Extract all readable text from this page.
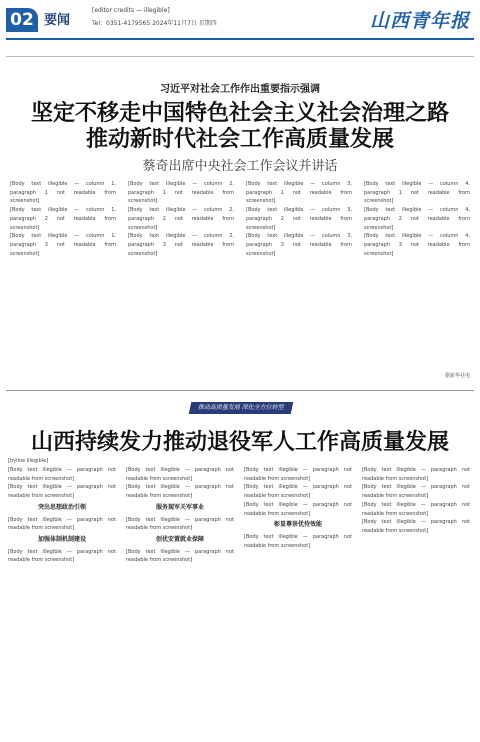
02 要闻
[editor credits — illegible]
Tel：0351-4179565 2024年11月7日 星期四	山西青年报
习近平对社会工作作出重要指示强调
坚定不移走中国特色社会主义社会治理之路
推动新时代社会工作高质量发展
蔡奇出席中央社会工作会议并讲话

[Body text illegible — column 1, paragraph 1 not readable from screenshot]

[Body text illegible — column 1, paragraph 2 not readable from screenshot]

[Body text illegible — column 1, paragraph 3 not readable from screenshot]

[Body text illegible — column 2, paragraph 1 not readable from screenshot]

[Body text illegible — column 2, paragraph 2 not readable from screenshot]

[Body text illegible — column 2, paragraph 3 not readable from screenshot]

[Body text illegible — column 3, paragraph 1 not readable from screenshot]

[Body text illegible — column 3, paragraph 2 not readable from screenshot]

[Body text illegible — column 3, paragraph 3 not readable from screenshot]

[Body text illegible — column 4, paragraph 1 not readable from screenshot]

[Body text illegible — column 4, paragraph 2 not readable from screenshot]

[Body text illegible — column 4, paragraph 3 not readable from screenshot]

据新华社电
推动高质量发展 深化全方位转型
山西持续发力推动退役军人工作高质量发展
[byline illegible]

[Body text illegible — paragraph not readable from screenshot]

[Body text illegible — paragraph not readable from screenshot]

突出思想政治引领

[Body text illegible — paragraph not readable from screenshot]

加强体制机制建设

[Body text illegible — paragraph not readable from screenshot]

[Body text illegible — paragraph not readable from screenshot]

[Body text illegible — paragraph not readable from screenshot]

服务现军关军事业

[Body text illegible — paragraph not readable from screenshot]

创优安置就业保障

[Body text illegible — paragraph not readable from screenshot]

[Body text illegible — paragraph not readable from screenshot]

[Body text illegible — paragraph not readable from screenshot]

[Body text illegible — paragraph not readable from screenshot]

彰显尊崇优待效能

[Body text illegible — paragraph not readable from screenshot]

[Body text illegible — paragraph not readable from screenshot]

[Body text illegible — paragraph not readable from screenshot]

[Body text illegible — paragraph not readable from screenshot]

[Body text illegible — paragraph not readable from screenshot]
